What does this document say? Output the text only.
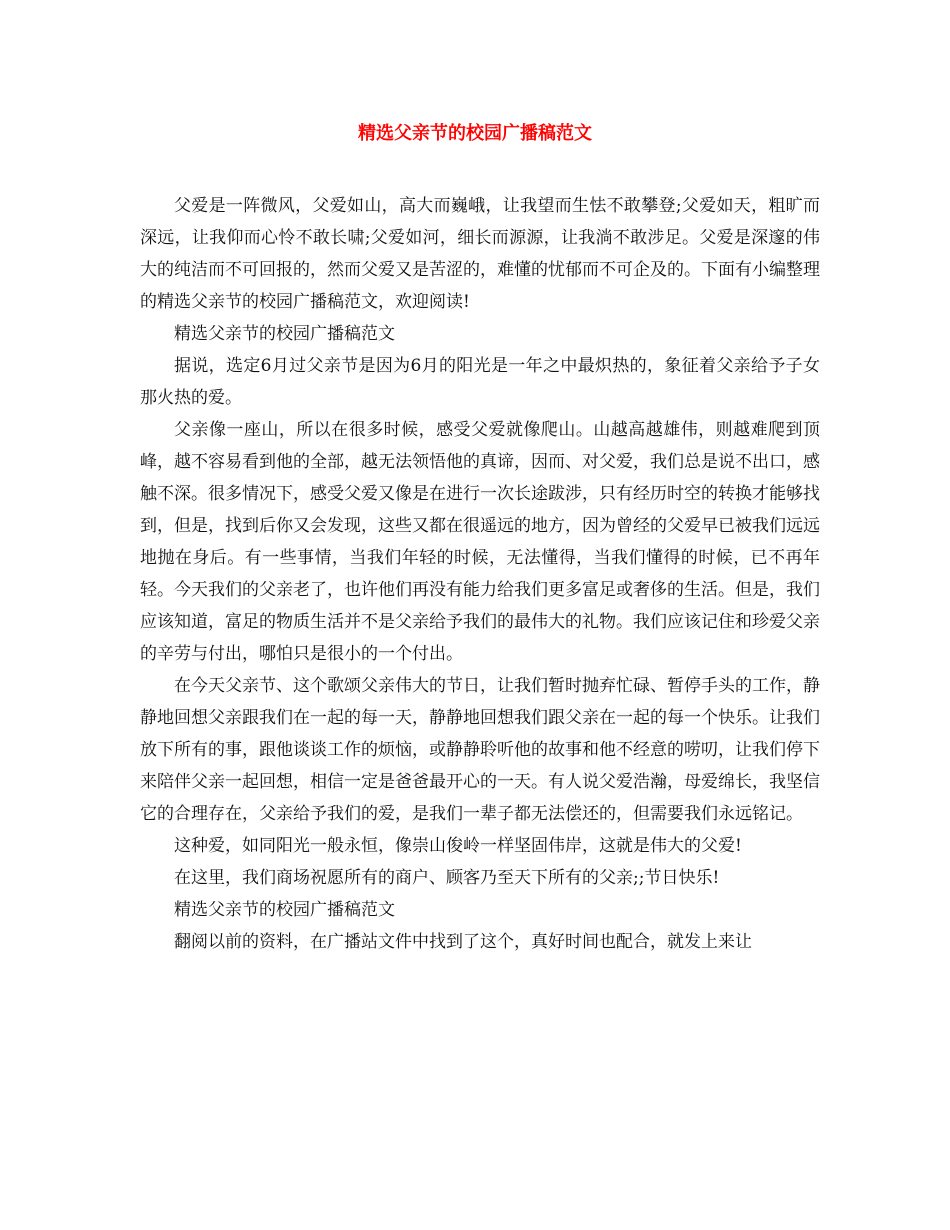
精选父亲节的校园广播稿范文

父爱是一阵微风，父爱如山，高大而巍峨，让我望而生怯不敢攀登;父爱如天，粗旷而深远，让我仰而心怜不敢长啸;父爱如河，细长而源源，让我淌不敢涉足。父爱是深邃的伟大的纯洁而不可回报的，然而父爱又是苦涩的，难懂的忧郁而不可企及的。下面有小编整理的精选父亲节的校园广播稿范文，欢迎阅读!

精选父亲节的校园广播稿范文

据说，选定6月过父亲节是因为6月的阳光是一年之中最炽热的，象征着父亲给予子女那火热的爱。

父亲像一座山，所以在很多时候，感受父爱就像爬山。山越高越雄伟，则越难爬到顶峰，越不容易看到他的全部，越无法领悟他的真谛，因而、对父爱，我们总是说不出口，感触不深。很多情况下，感受父爱又像是在进行一次长途跋涉，只有经历时空的转换才能够找到，但是，找到后你又会发现，这些又都在很遥远的地方，因为曾经的父爱早已被我们远远地抛在身后。有一些事情，当我们年轻的时候，无法懂得，当我们懂得的时候，已不再年轻。今天我们的父亲老了，也许他们再没有能力给我们更多富足或奢侈的生活。但是，我们应该知道，富足的物质生活并不是父亲给予我们的最伟大的礼物。我们应该记住和珍爱父亲的辛劳与付出，哪怕只是很小的一个付出。

在今天父亲节、这个歌颂父亲伟大的节日，让我们暂时抛弃忙碌、暂停手头的工作，静静地回想父亲跟我们在一起的每一天，静静地回想我们跟父亲在一起的每一个快乐。让我们放下所有的事，跟他谈谈工作的烦恼，或静静聆听他的故事和他不经意的唠叨，让我们停下来陪伴父亲一起回想，相信一定是爸爸最开心的一天。有人说父爱浩瀚，母爱绵长，我坚信它的合理存在，父亲给予我们的爱，是我们一辈子都无法偿还的，但需要我们永远铭记。

这种爱，如同阳光一般永恒，像崇山俊岭一样坚固伟岸，这就是伟大的父爱!

在这里，我们商场祝愿所有的商户、顾客乃至天下所有的父亲;;节日快乐!

精选父亲节的校园广播稿范文

翻阅以前的资料，在广播站文件中找到了这个，真好时间也配合，就发上来让
